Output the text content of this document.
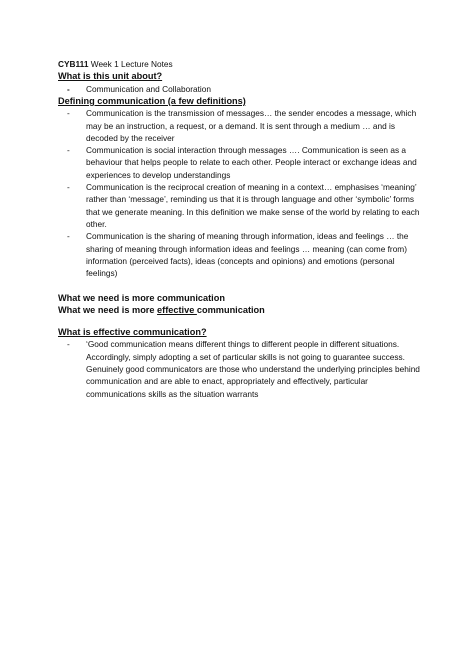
CYB111 Week 1 Lecture Notes

What is this unit about?

- Communication and Collaboration

Defining communication (a few definitions)

- Communication is the transmission of messages… the sender encodes a message, which may be an instruction, a request, or a demand. It is sent through a medium … and is decoded by the receiver
- Communication is social interaction through messages …. Communication is seen as a behaviour that helps people to relate to each other. People interact or exchange ideas and experiences to develop understandings
- Communication is the reciprocal creation of meaning in a context… emphasises ‘meaning’ rather than ‘message’, reminding us that it is through language and other ‘symbolic’ forms that we generate meaning. In this definition we make sense of the world by relating to each other.
- Communication is the sharing of meaning through information, ideas and feelings … the sharing of meaning through information ideas and feelings … meaning (can come from) information (perceived facts), ideas (concepts and opinions) and emotions (personal feelings)

What we need is more communication

What we need is more effective communication

What is effective communication?

- ‘Good communication means different things to different people in different situations. Accordingly, simply adopting a set of particular skills is not going to guarantee success. Genuinely good communicators are those who understand the underlying principles behind communication and are able to enact, appropriately and effectively, particular communications skills as the situation warrants
